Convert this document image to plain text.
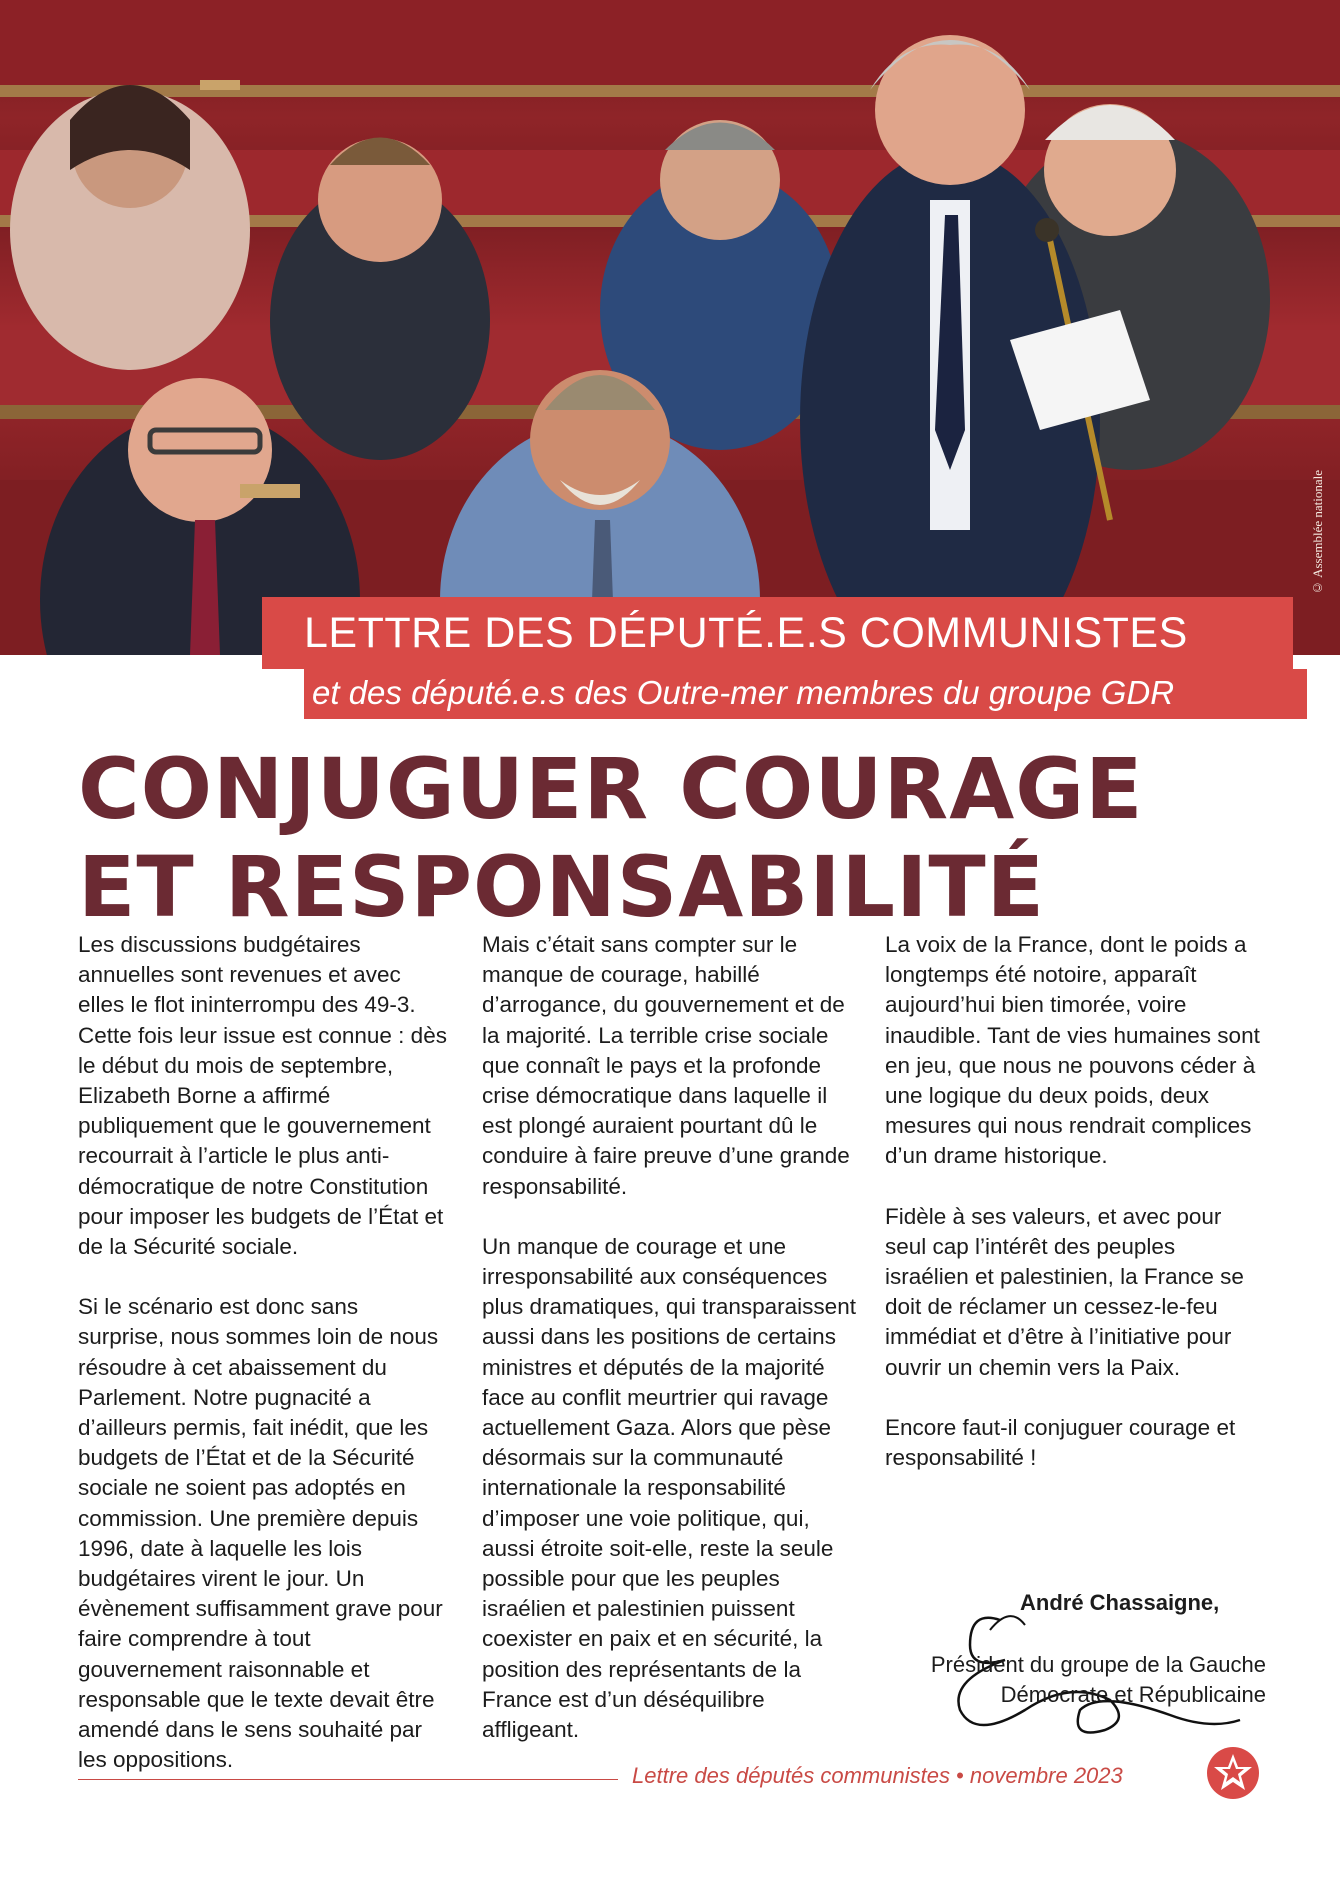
© Assemblée nationale
LETTRE DES DÉPUTÉ.E.S COMMUNISTES
et des député.e.s des Outre-mer membres du groupe GDR
CONJUGUER COURAGE
ET RESPONSABILITÉ

Les discussions budgétaires annuelles sont revenues et avec elles le flot ininterrompu des 49-3. Cette fois leur issue est connue : dès le début du mois de septembre, Elizabeth Borne a affirmé publiquement que le gouvernement recourrait à l’article le plus anti-démocratique de notre Constitution pour imposer les budgets de l’État et de la Sécurité sociale.

Si le scénario est donc sans surprise, nous sommes loin de nous résoudre à cet abaissement du Parlement. Notre pugnacité a d’ailleurs permis, fait inédit, que les budgets de l’État et de la Sécurité sociale ne soient pas adoptés en commission. Une première depuis 1996, date à laquelle les lois budgétaires virent le jour. Un évènement suffisamment grave pour faire comprendre à tout gouvernement raisonnable et responsable que le texte devait être amendé dans le sens souhaité par les oppositions.

Mais c’était sans compter sur le manque de courage, habillé d’arrogance, du gouvernement et de la majorité. La terrible crise sociale que connaît le pays et la profonde crise démocratique dans laquelle il est plongé auraient pourtant dû le conduire à faire preuve d’une grande responsabilité.

Un manque de courage et une irresponsabilité aux conséquences plus dramatiques, qui transparaissent aussi dans les positions de certains ministres et députés de la majorité face au conflit meurtrier qui ravage actuellement Gaza. Alors que pèse désormais sur la communauté internationale la responsabilité d’imposer une voie politique, qui, aussi étroite soit-elle, reste la seule possible pour que les peuples israélien et palestinien puissent coexister en paix et en sécurité, la position des représentants de la France est d’un déséquilibre affligeant.

La voix de la France, dont le poids a longtemps été notoire, apparaît aujourd’hui bien timorée, voire inaudible. Tant de vies humaines sont en jeu, que nous ne pouvons céder à une logique du deux poids, deux mesures qui nous rendrait complices d’un drame historique.

Fidèle à ses valeurs, et avec pour seul cap l’intérêt des peuples israélien et palestinien, la France se doit de réclamer un cessez-le-feu immédiat et d’être à l’initiative pour ouvrir un chemin vers la Paix.

Encore faut-il conjuguer courage et responsabilité !

André Chassaigne,
Président du groupe de la Gauche
Démocrate et Républicaine
Lettre des députés communistes • novembre 2023
